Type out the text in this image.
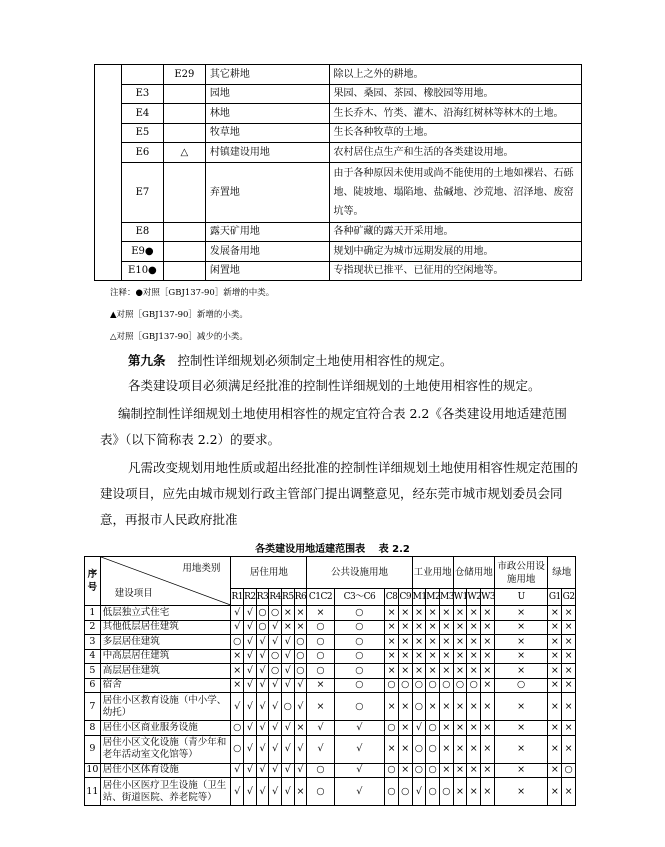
		E29	其它耕地	除以上之外的耕地。
	E3		园地	果园、桑园、茶园、橡胶园等用地。
	E4		林地	生长乔木、竹类、灌木、沿海红树林等林木的土地。
	E5		牧草地	生长各种牧草的土地。
	E6	△	村镇建设用地	农村居住点生产和生活的各类建设用地。
	E7		弃置地	由于各种原因未使用或尚不能使用的土地如裸岩、石砾地、陡坡地、塌陷地、盐碱地、沙荒地、沼泽地、废窑坑等。
	E8		露天矿用地	各种矿藏的露天开采用地。
	E9●		发展备用地	规划中确定为城市远期发展的用地。
	E10●		闲置地	专指现状已推平、已征用的空闲地等。
注释：●对照［GBJ137-90］新增的中类。
▲对照［GBJ137-90］新增的小类。
△对照［GBJ137-90］减少的小类。
第九条 控制性详细规划必须制定土地使用相容性的规定。
各类建设项目必须满足经批准的控制性详细规划的土地使用相容性的规定。
编制控制性详细规划土地使用相容性的规定宜符合表 2.2《各类建设用地适建范围表》（以下简称表 2.2）的要求。
凡需改变规划用地性质或超出经批准的控制性详细规划土地使用相容性规定范围的建设项目，应先由城市规划行政主管部门提出调整意见，经东莞市城市规划委员会同意，再报市人民政府批准
各类建设用地适建范围表　 表 2.2
序号	用地类别
建设项目	居住用地						公共设施用地				工业用地			仓储用地			市政公用设施用地	绿地	
		R1	R2	R3	R4	R5	R6	C1C2	C3～C6	C8	C9	M1	M2	M3	W1	W2	W3	U	G1	G2
1	低层独立式住宅	√	√	○	○	×	×	×	○	×	×	×	×	×	×	×	×	×	×	×
2	其他低层居住建筑	√	√	○	√	×	×	○	○	×	×	×	×	×	×	×	×	×	×	×
3	多层居住建筑	○	√	√	√	√	○	○	○	×	×	×	×	×	×	×	×	×	×	×
4	中高层居住建筑	×	√	√	○	√	○	○	○	×	×	×	×	×	×	×	×	×	×	×
5	高层居住建筑	×	√	√	○	√	○	○	○	×	×	×	×	×	×	×	×	×	×	×
6	宿舍	×	√	√	√	√	√	×	○	○	○	○	○	○	○	○	×	○	×	×
7	居住小区教育设施（中小学、幼托）	√	√	√	√	○	√	×	○	×	×	○	×	×	×	×	×	×	×	×
8	居住小区商业服务设施	○	√	√	√	√	×	√	√	○	×	√	○	×	×	×	×	×	×	×
9	居住小区文化设施（青少年和老年活动室文化馆等）	○	√	√	√	√	√	√	√	×	×	○	○	×	×	×	×	×	×	×
10	居住小区体育设施	√	√	√	√	√	√	○	√	○	×	○	○	×	×	×	×	×	×	○
11	居住小区医疗卫生设施（卫生站、街道医院、养老院等）	√	√	√	√	√	×	○	√	○	○	√	○	○	×	×	×	×	×	×
